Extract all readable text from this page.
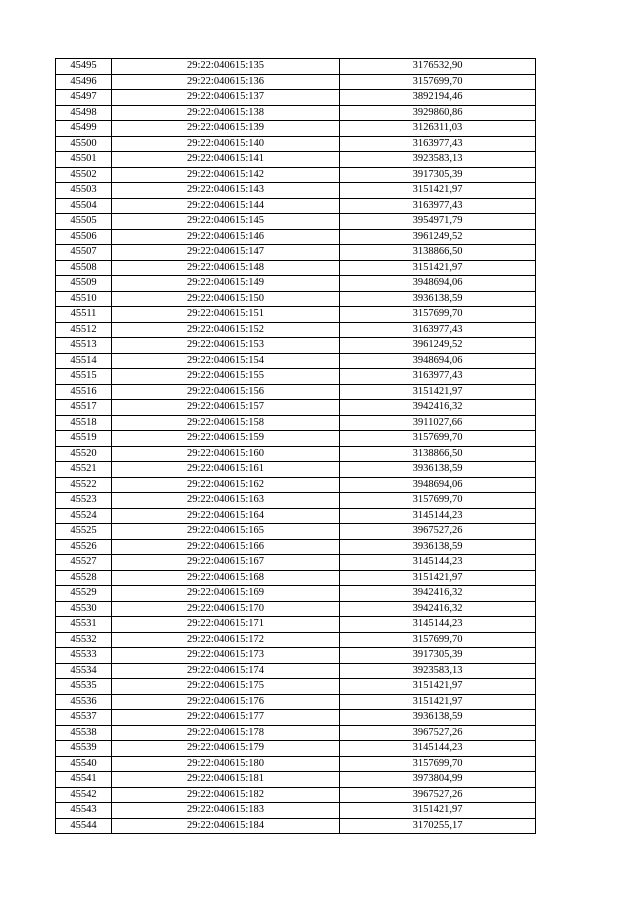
45495	29:22:040615:135	3176532,90
45496	29:22:040615:136	3157699,70
45497	29:22:040615:137	3892194,46
45498	29:22:040615:138	3929860,86
45499	29:22:040615:139	3126311,03
45500	29:22:040615:140	3163977,43
45501	29:22:040615:141	3923583,13
45502	29:22:040615:142	3917305,39
45503	29:22:040615:143	3151421,97
45504	29:22:040615:144	3163977,43
45505	29:22:040615:145	3954971,79
45506	29:22:040615:146	3961249,52
45507	29:22:040615:147	3138866,50
45508	29:22:040615:148	3151421,97
45509	29:22:040615:149	3948694,06
45510	29:22:040615:150	3936138,59
45511	29:22:040615:151	3157699,70
45512	29:22:040615:152	3163977,43
45513	29:22:040615:153	3961249,52
45514	29:22:040615:154	3948694,06
45515	29:22:040615:155	3163977,43
45516	29:22:040615:156	3151421,97
45517	29:22:040615:157	3942416,32
45518	29:22:040615:158	3911027,66
45519	29:22:040615:159	3157699,70
45520	29:22:040615:160	3138866,50
45521	29:22:040615:161	3936138,59
45522	29:22:040615:162	3948694,06
45523	29:22:040615:163	3157699,70
45524	29:22:040615:164	3145144,23
45525	29:22:040615:165	3967527,26
45526	29:22:040615:166	3936138,59
45527	29:22:040615:167	3145144,23
45528	29:22:040615:168	3151421,97
45529	29:22:040615:169	3942416,32
45530	29:22:040615:170	3942416,32
45531	29:22:040615:171	3145144,23
45532	29:22:040615:172	3157699,70
45533	29:22:040615:173	3917305,39
45534	29:22:040615:174	3923583,13
45535	29:22:040615:175	3151421,97
45536	29:22:040615:176	3151421,97
45537	29:22:040615:177	3936138,59
45538	29:22:040615:178	3967527,26
45539	29:22:040615:179	3145144,23
45540	29:22:040615:180	3157699,70
45541	29:22:040615:181	3973804,99
45542	29:22:040615:182	3967527,26
45543	29:22:040615:183	3151421,97
45544	29:22:040615:184	3170255,17
